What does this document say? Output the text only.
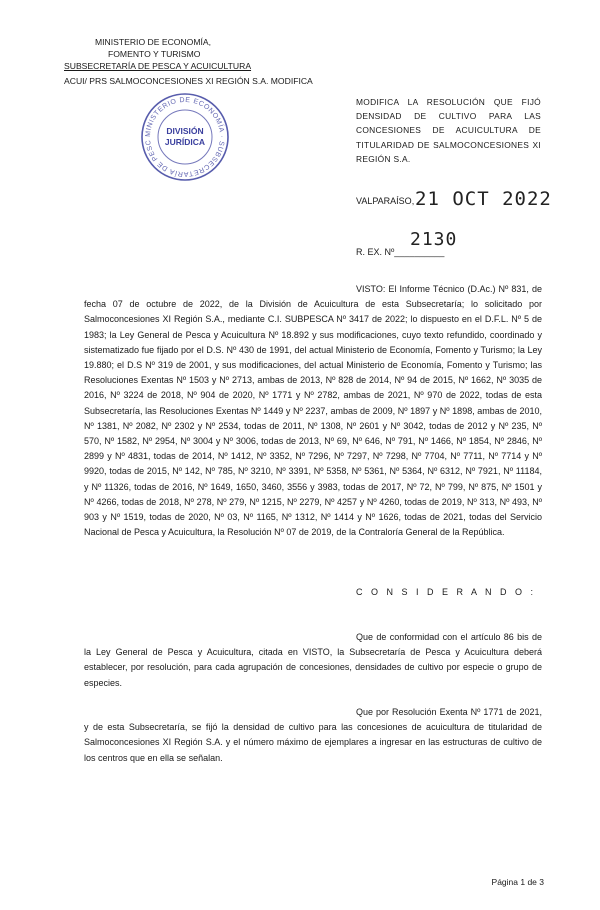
MINISTERIO DE ECONOMÍA,
FOMENTO Y TURISMO
SUBSECRETARÍA DE PESCA Y ACUICULTURA
ACUI/ PRS SALMOCONCESIONES XI REGIÓN S.A. MODIFICA
MINISTERIO DE ECONOMÍA · SUBSECRETARÍA DE PESC
DIVISIÓN
JURÍDICA
MODIFICA LA RESOLUCIÓN QUE FIJÓ DENSIDAD DE CULTIVO PARA LAS CONCESIONES DE ACUICULTURA DE TITULARIDAD DE SALMOCONCESIONES XI REGIÓN S.A.
VALPARAÍSO, 21 OCT 2022
2130
R. EX. Nº__________
VISTO: El Informe Técnico (D.Ac.) Nº 831, de fecha 07 de octubre de 2022, de la División de Acuicultura de esta Subsecretaría; lo solicitado por Salmoconcesiones XI Región S.A., mediante C.I. SUBPESCA Nº 3417 de 2022; lo dispuesto en el D.F.L. Nº 5 de 1983; la Ley General de Pesca y Acuicultura Nº 18.892 y sus modificaciones, cuyo texto refundido, coordinado y sistematizado fue fijado por el D.S. Nº 430 de 1991, del actual Ministerio de Economía, Fomento y Turismo; la Ley 19.880; el D.S Nº 319 de 2001, y sus modificaciones, del actual Ministerio de Economía, Fomento y Turismo; las Resoluciones Exentas Nº 1503 y Nº 2713, ambas de 2013, Nº 828 de 2014, Nº 94 de 2015, Nº 1662, Nº 3035 de 2016, Nº 3224 de 2018, Nº 904 de 2020, Nº 1771 y Nº 2782, ambas de 2021, Nº 970 de 2022, todas de esta Subsecretaría, las Resoluciones Exentas Nº 1449 y Nº 2237, ambas de 2009, Nº 1897 y Nº 1898, ambas de 2010, Nº 1381, Nº 2082, Nº 2302 y Nº 2534, todas de 2011, Nº 1308, Nº 2601 y Nº 3042, todas de 2012 y Nº 235, Nº 570, Nº 1582, Nº 2954, Nº 3004 y Nº 3006, todas de 2013, Nº 69, Nº 646, Nº 791, Nº 1466, Nº 1854, Nº 2846, Nº 2899 y Nº 4831, todas de 2014, Nº 1412, Nº 3352, Nº 7296, Nº 7297, Nº 7298, Nº 7704, Nº 7711, Nº 7714 y Nº 9920, todas de 2015, Nº 142, Nº 785, Nº 3210, Nº 3391, Nº 5358, Nº 5361, Nº 5364, Nº 6312, Nº 7921, Nº 11184, y Nº 11326, todas de 2016, Nº 1649, 1650, 3460, 3556 y 3983, todas de 2017, Nº 72, Nº 799, Nº 875, Nº 1501 y Nº 4266, todas de 2018, Nº 278, Nº 279, Nº 1215, Nº 2279, Nº 4257 y Nº 4260, todas de 2019, Nº 313, Nº 493, Nº 903 y Nº 1519, todas de 2020, Nº 03, Nº 1165, Nº 1312, Nº 1414 y Nº 1626, todas de 2021, todas del Servicio Nacional de Pesca y Acuicultura, la Resolución Nº 07 de 2019, de la Contraloría General de la República.
C O N S I D E R A N D O :
Que de conformidad con el artículo 86 bis de la Ley General de Pesca y Acuicultura, citada en VISTO, la Subsecretaría de Pesca y Acuicultura deberá establecer, por resolución, para cada agrupación de concesiones, densidades de cultivo por especie o grupo de especies.
Que por Resolución Exenta Nº 1771 de 2021, y de esta Subsecretaría, se fijó la densidad de cultivo para las concesiones de acuicultura de titularidad de Salmoconcesiones XI Región S.A. y el número máximo de ejemplares a ingresar en las estructuras de cultivo de los centros que en ella se señalan.
Página 1 de 3
